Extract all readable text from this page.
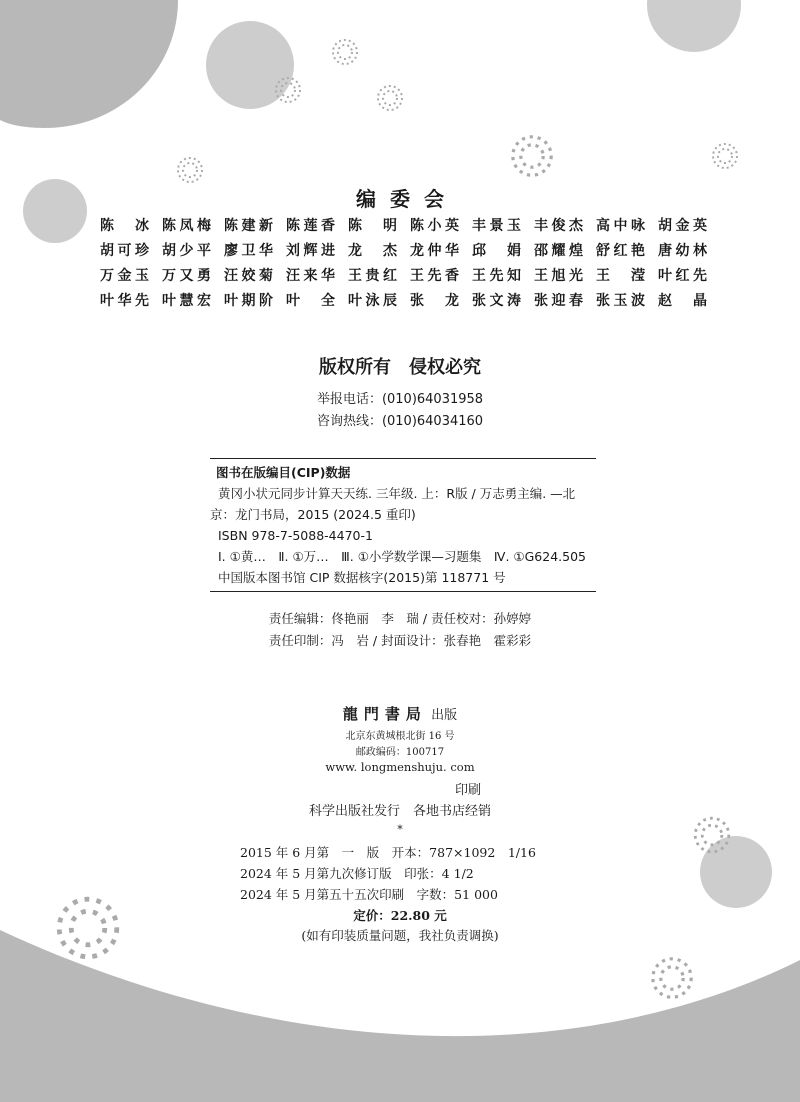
编委会
陈冰 陈凤梅 陈建新 陈莲香 陈明 陈小英 丰景玉 丰俊杰 高中咏 胡金英
胡可珍 胡少平 廖卫华 刘辉进 龙杰 龙仲华 邱娟 邵耀煌 舒红艳 唐幼林
万金玉 万又勇 汪姣菊 汪来华 王贵红 王先香 王先知 王旭光 王滢 叶红先
叶华先 叶慧宏 叶期阶 叶全 叶泳辰 张龙 张文涛 张迎春 张玉波 赵晶
版权所有　侵权必究
举报电话：(010)64031958
咨询热线：(010)64034160
图书在版编目(CIP)数据
黄冈小状元同步计算天天练. 三年级. 上：R版 / 万志勇主编. —北
京：龙门书局，2015 (2024.5 重印)
ISBN 978-7-5088-4470-1
Ⅰ. ①黄…　Ⅱ. ①万…　Ⅲ. ①小学数学课—习题集　Ⅳ. ①G624.505
中国版本图书馆 CIP 数据核字(2015)第 118771 号
责任编辑：佟艳丽　李　瑞 / 责任校对：孙婷婷
责任印制：冯　岩 / 封面设计：张春艳　霍彩彩
龍門書局 出版
北京东黄城根北街 16 号
邮政编码：100717
www. longmenshuju. com
印刷
科学出版社发行　各地书店经销
*
2015 年 6 月第　一　版　开本：787×1092　1/16
2024 年 5 月第九次修订版　印张：4 1/2
2024 年 5 月第五十五次印刷　字数：51 000
定价：22.80 元
(如有印装质量问题，我社负责调换)
